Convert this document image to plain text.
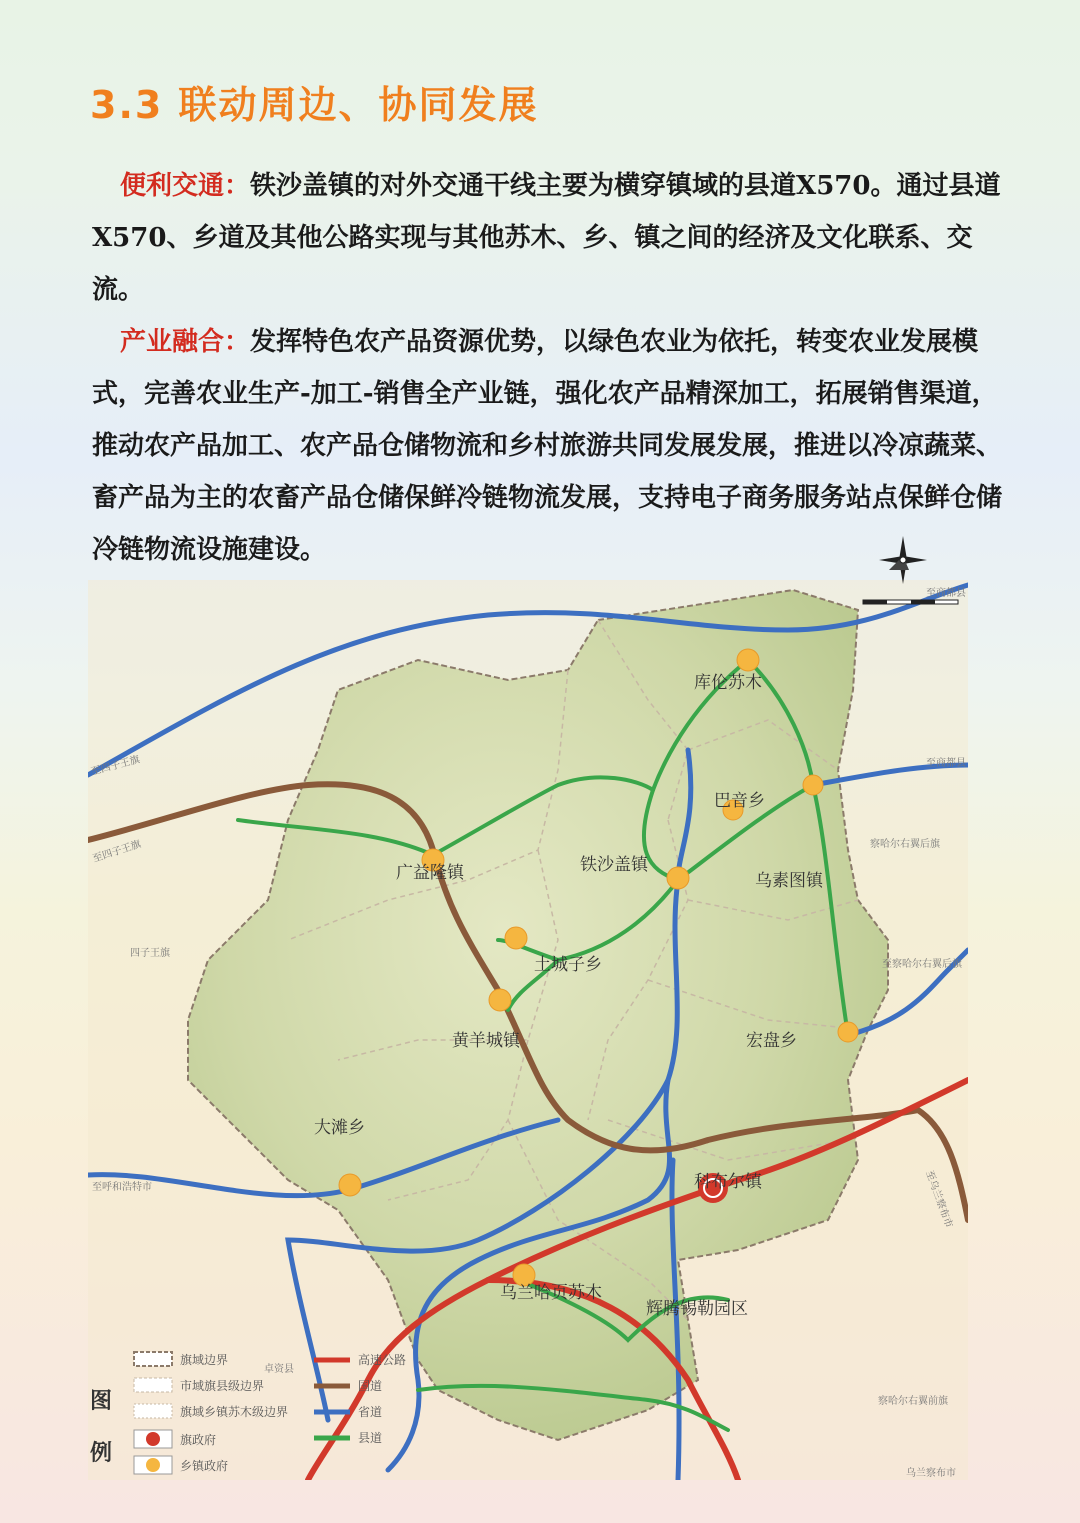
3.3 联动周边、协同发展

便利交通：铁沙盖镇的对外交通干线主要为横穿镇域的县道X570。通过县道X570、乡道及其他公路实现与其他苏木、乡、镇之间的经济及文化联系、交流。

产业融合：发挥特色农产品资源优势，以绿色农业为依托，转变农业发展模式，完善农业生产-加工-销售全产业链，强化农产品精深加工，拓展销售渠道，推动农产品加工、农产品仓储物流和乡村旅游共同发展发展，推进以冷凉蔬菜、畜产品为主的农畜产品仓储保鲜冷链物流发展，支持电子商务服务站点保鲜仓储冷链物流设施建设。

库伦苏木
巴音乡
广益隆镇	铁沙盖镇
乌素图镇
土城子乡
黄羊城镇	宏盘乡
大滩乡
科布尔镇
乌兰哈页苏木
辉腾锡勒园区
四子王旗
至四子王旗
至四子王旗
至呼和浩特市
察哈尔右翼后旗
至察哈尔右翼后旗
察哈尔右翼前旗
卓资县
至商都县
至商都县
至乌兰察布市
乌兰察布市
旗域边界
市域旗县级边界
旗域乡镇苏木级边界
旗政府
乡镇政府
高速公路
国道
省道
县道
图
例
